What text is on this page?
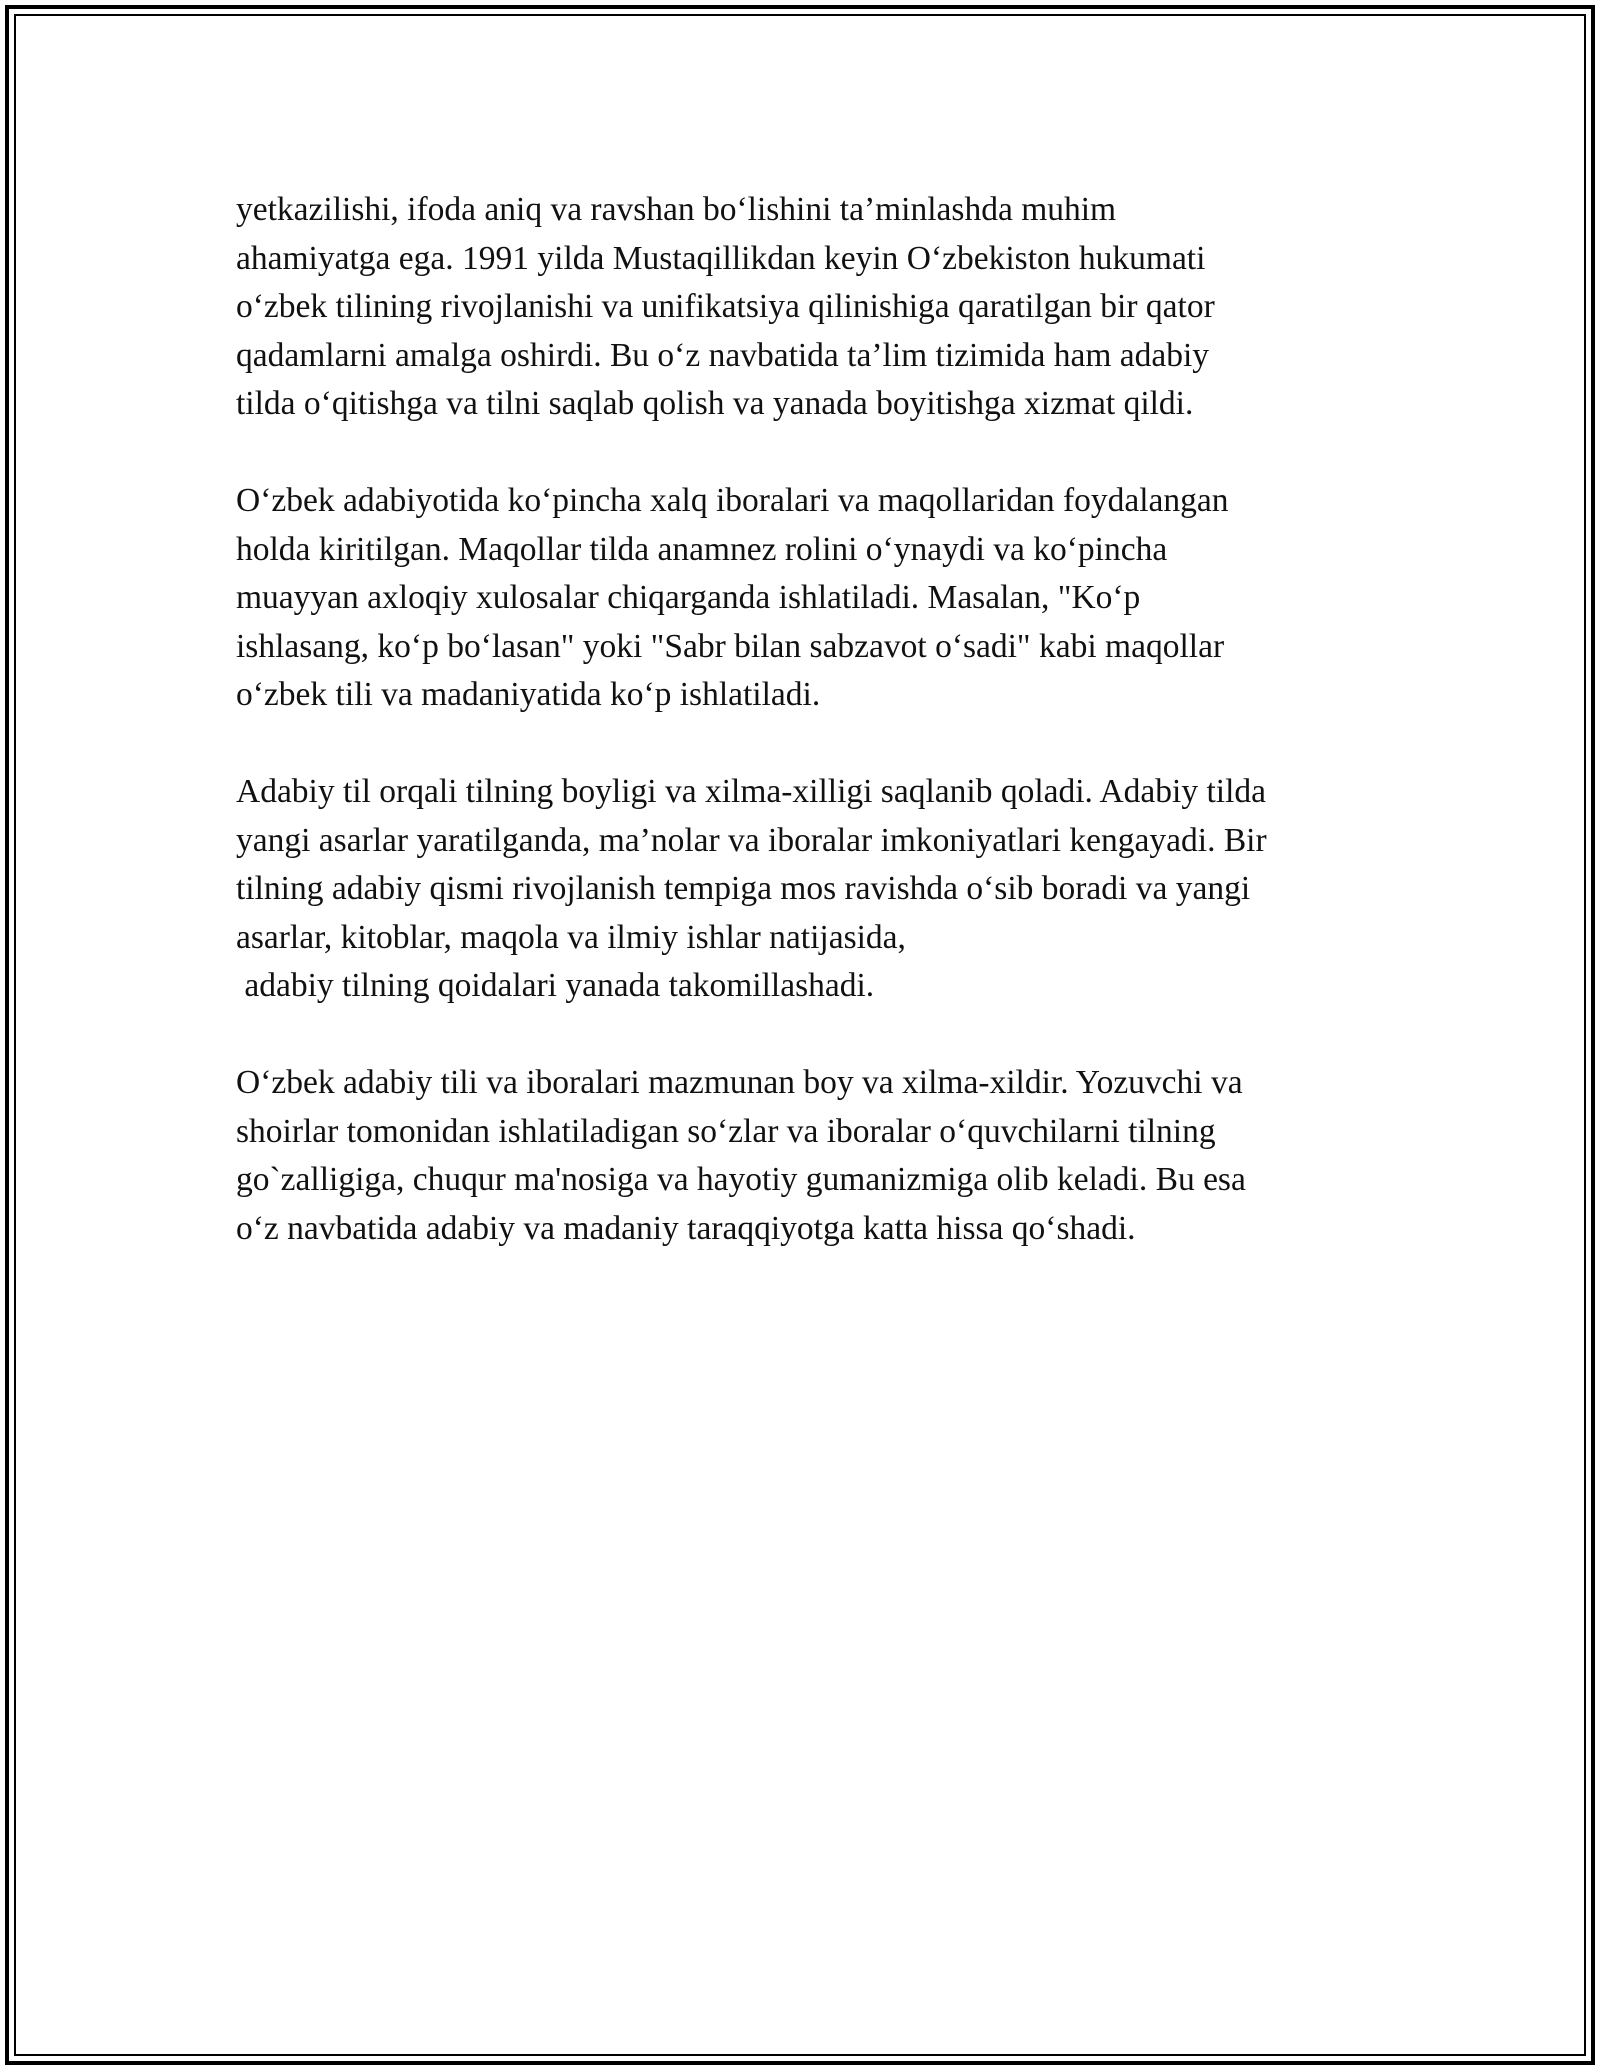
yetkazilishi, ifoda aniq va ravshan bo‘lishini ta’minlashda muhim
ahamiyatga ega. 1991 yilda Mustaqillikdan keyin O‘zbekiston hukumati
o‘zbek tilining rivojlanishi va unifikatsiya qilinishiga qaratilgan bir qator
qadamlarni amalga oshirdi. Bu o‘z navbatida ta’lim tizimida ham adabiy
tilda o‘qitishga va tilni saqlab qolish va yanada boyitishga xizmat qildi.

O‘zbek adabiyotida ko‘pincha xalq iboralari va maqollaridan foydalangan
holda kiritilgan. Maqollar tilda anamnez rolini o‘ynaydi va ko‘pincha
muayyan axloqiy xulosalar chiqarganda ishlatiladi. Masalan, "Ko‘p
ishlasang, ko‘p bo‘lasan" yoki "Sabr bilan sabzavot o‘sadi" kabi maqollar
o‘zbek tili va madaniyatida ko‘p ishlatiladi.

Adabiy til orqali tilning boyligi va xilma-xilligi saqlanib qoladi. Adabiy tilda
yangi asarlar yaratilganda, ma’nolar va iboralar imkoniyatlari kengayadi. Bir
tilning adabiy qismi rivojlanish tempiga mos ravishda o‘sib boradi va yangi
asarlar, kitoblar, maqola va ilmiy ishlar natijasida,
adabiy tilning qoidalari yanada takomillashadi.

O‘zbek adabiy tili va iboralari mazmunan boy va xilma-xildir. Yozuvchi va
shoirlar tomonidan ishlatiladigan so‘zlar va iboralar o‘quvchilarni tilning
go`zalligiga, chuqur ma'nosiga va hayotiy gumanizmiga olib keladi. Bu esa
o‘z navbatida adabiy va madaniy taraqqiyotga katta hissa qo‘shadi.
